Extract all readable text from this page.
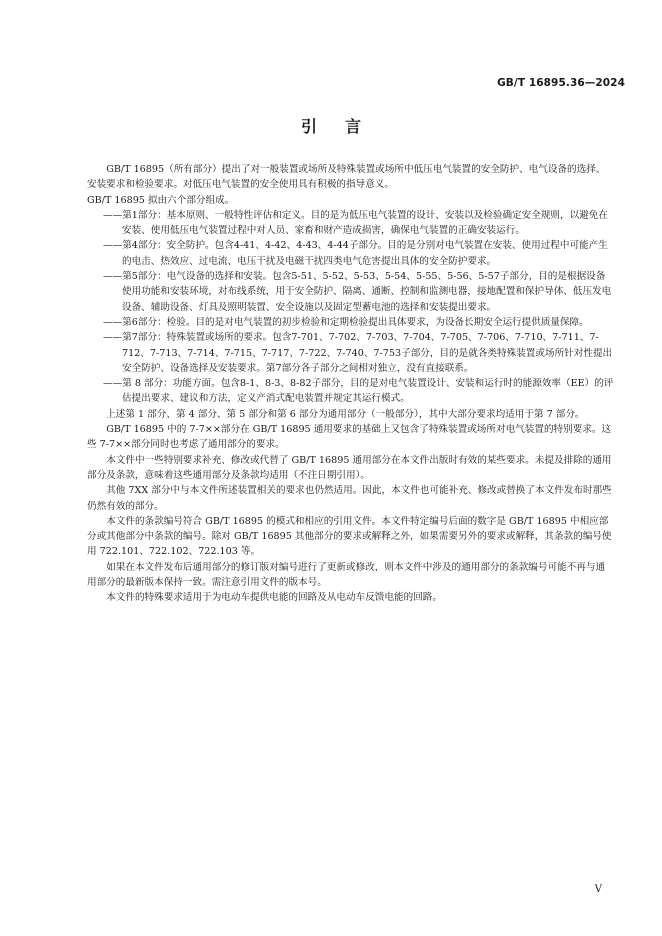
GB/T 16895.36—2024
引 言

GB/T 16895（所有部分）提出了对一般装置或场所及特殊装置或场所中低压电气装置的安全防护、电气设备的选择、安装要求和检验要求。对低压电气装置的安全使用具有积极的指导意义。

GB/T 16895 拟由六个部分组成。

——第1部分：基本原则、一般特性评估和定义。目的是为低压电气装置的设计、安装以及检验确定安全规则，以避免在安装、使用低压电气装置过程中对人员、家畜和财产造成损害，确保电气装置的正确安装运行。

——第4部分：安全防护。包含4-41、4-42、4-43、4-44子部分。目的是分别对电气装置在安装、使用过程中可能产生的电击、热效应、过电流、电压干扰及电磁干扰四类电气危害提出具体的安全防护要求。

——第5部分：电气设备的选择和安装。包含5-51、5-52、5-53、5-54、5-55、5-56、5-57子部分，目的是根据设备使用功能和安装环境，对布线系统，用于安全防护、隔离、通断、控制和监测电器，接地配置和保护导体、低压发电设备、辅助设备、灯具及照明装置、安全设施以及固定型蓄电池的选择和安装提出要求。

——第6部分：检验。目的是对电气装置的初步检验和定期检验提出具体要求，为设备长期安全运行提供质量保障。

——第7部分：特殊装置或场所的要求。包含7-701、7-702、7-703、7-704、7-705、7-706、7-710、7-711、7-712、7-713、7-714、7-715、7-717、7-722、7-740、7-753子部分，目的是就各类特殊装置或场所针对性提出安全防护、设备选择及安装要求。第7部分各子部分之间相对独立，没有直接联系。

——第 8 部分：功能方面。包含8-1、8-3、8-82子部分，目的是对电气装置设计、安装和运行时的能源效率（EE）的评估提出要求、建议和方法，定义产消式配电装置并规定其运行模式。

上述第 1 部分、第 4 部分、第 5 部分和第 6 部分为通用部分（一般部分），其中大部分要求均适用于第 7 部分。

GB/T 16895 中的 7-7××部分在 GB/T 16895 通用要求的基础上又包含了特殊装置或场所对电气装置的特别要求。这些 7-7××部分同时也考虑了通用部分的要求。

本文件中一些特别要求补充、修改或代替了 GB/T 16895 通用部分在本文件出版时有效的某些要求。未提及排除的通用部分及条款，意味着这些通用部分及条款均适用（不注日期引用）。

其他 7XX 部分中与本文件所述装置相关的要求也仍然适用。因此，本文件也可能补充、修改或替换了本文件发布时那些仍然有效的部分。

本文件的条款编号符合 GB/T 16895 的模式和相应的引用文件。本文件特定编号后面的数字是 GB/T 16895 中相应部分或其他部分中条款的编号。除对 GB/T 16895 其他部分的要求或解释之外，如果需要另外的要求或解释，其条款的编号使用 722.101、722.102、722.103 等。

如果在本文件发布后通用部分的修订版对编号进行了更新或修改，则本文件中涉及的通用部分的条款编号可能不再与通用部分的最新版本保持一致。需注意引用文件的版本号。

本文件的特殊要求适用于为电动车提供电能的回路及从电动车反馈电能的回路。

V
